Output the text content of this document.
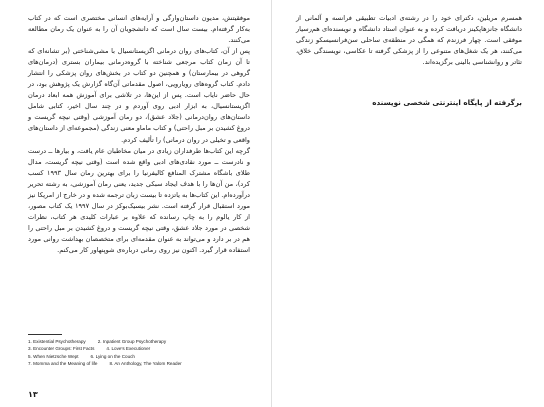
موفقیتش، مدیون داستان‌وارگی و آرایه‌های انسانی مختصری است که در کتاب به‌کار گرفته‌ام. بیست سال است که دانشجویان آن را به عنوان یک رمان مطالعه می‌کنند.

پس از آن، کتاب‌های روان درمانی اگزیستانسیال با مشی‌شناختی (بر تشانه‌ای که تا آن زمان کتاب مرجعی شناخته با گروه‌درمانی بیماران بستری (درمان‌های گروهی در بیمارستان) و همچنین دو کتاب در بخش‌های روان پزشکی را انتشار دادم. کتاب گروه‌های رویارویی، اصول مقدماتی آن‌گاه گزارش یک پژوهش بود، در حال حاضر نایاب است. پس از این‌ها، در تلاشی برای آموزش همه ابعاد درمان اگزیستانسیال، به ابزار ادبی روی آوردم و در چند سال اخیر، کتابی شامل داستان‌های روان‌درمانی (جلاد عشق)، دو رمان آموزشی (وقتی نیچه گریست و دروغ کشیدن بر مبل راحتی) و کتاب ماماو معنی زندگی (مجموعه‌ای از داستان‌های واقعی و تخیلی در روان درمانی) را تألیف کردم.

گرچه این کتاب‌ها طرفداران زیادی در میان مخاطبان عام یافت، و بیارها ــ درست و نادرست ــ مورد نقادی‌های ادبی واقع شده است (وقتی نیچه گریست، مدال طلای باشگاه مشترک المنافع کالیفرنیا را برای بهترین رمان سال ۱۹۹۳ کسب کرد)، من آن‌ها را با هدف ایجاد سبکی جدید، یعنی رمان آموزشی، به رشته تحریر درآورده‌ام. این کتاب‌ها به یاتزده تا بیست زبان ترجمه شده و در خارج از امریکا نیز مورد استقبال قرار گرفته است. نشر بیسیک‌بوکز در سال ۱۹۹۷ یک کتاب مصور، از کار یالوم را به چاپ رسانده که علاوه بر عبارات کلیدی هر کتاب، نظرات شخصی در مورد جلاد عشق، وقتی نیچه گریست و دروغ کشیدن بر مبل راحتی را هم در بر دارد و می‌تواند به عنوان مقدمه‌ای برای متخصصان بهداشت روانی مورد استفاده قرار گیرد. اکنون نیز روی رمانی درباره‌ی شوپنهاور کار می‌کنم.

1. Existential Psychotherapy	2. Inpatient Group Psychotherapy
3. Encounter Groups: First Facts	4. Love's Executioner
5. When Nietzsche Wept	6. Lying on the Couch
7. Momma and the Meaning of life	8. An Anthology, The Yalom Reader
۱۳

همسرم مریلین، دکترای خود را در رشته‌ی ادبیات تطبیقی فرانسه و آلمانی از دانشگاه جانزهاپکینز دریافت کرده و به عنوان استاد دانشگاه و نویسنده‌ای هم‌رسیار موفقی است. چهار فرزندم که همگی در منطقه‌ی ساحلی سن‌فرانسیسکو زندگی می‌کنند، هر یک شغل‌های متنوعی را از پزشکی گرفته تا عکاسی، نویسندگی خلاق، تئاتر و روانشناسی بالینی برگزیده‌اند.

برگرفته از پایگاه اینترنتی شخصی نویسنده
